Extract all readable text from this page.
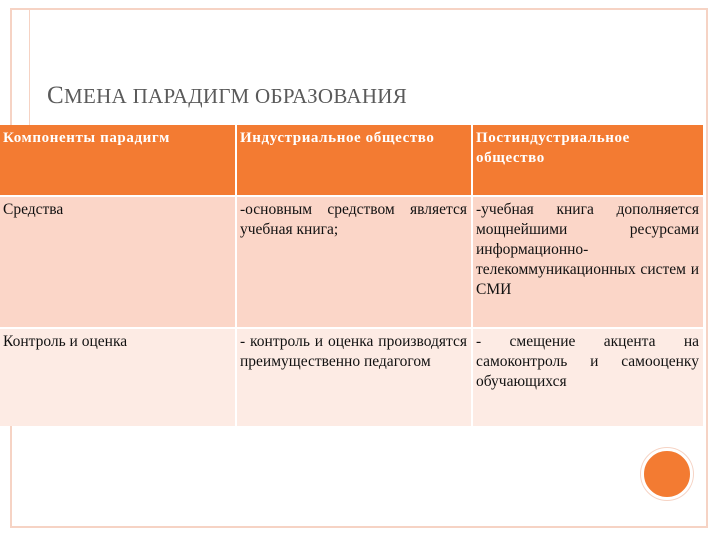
СМЕНА ПАРАДИГМ ОБРАЗОВАНИЯ
Компоненты парадигм	Индустриальное общество	Постиндустриальное общество
Средства	-основным средством является учебная книга;	-учебная книга дополняется мощнейшими ресурсами информационно-телекоммуникационных систем и СМИ
Контроль и оценка	- контроль и оценка производятся преимущественно педагогом	- смещение акцента на самоконтроль и самооценку обучающихся
